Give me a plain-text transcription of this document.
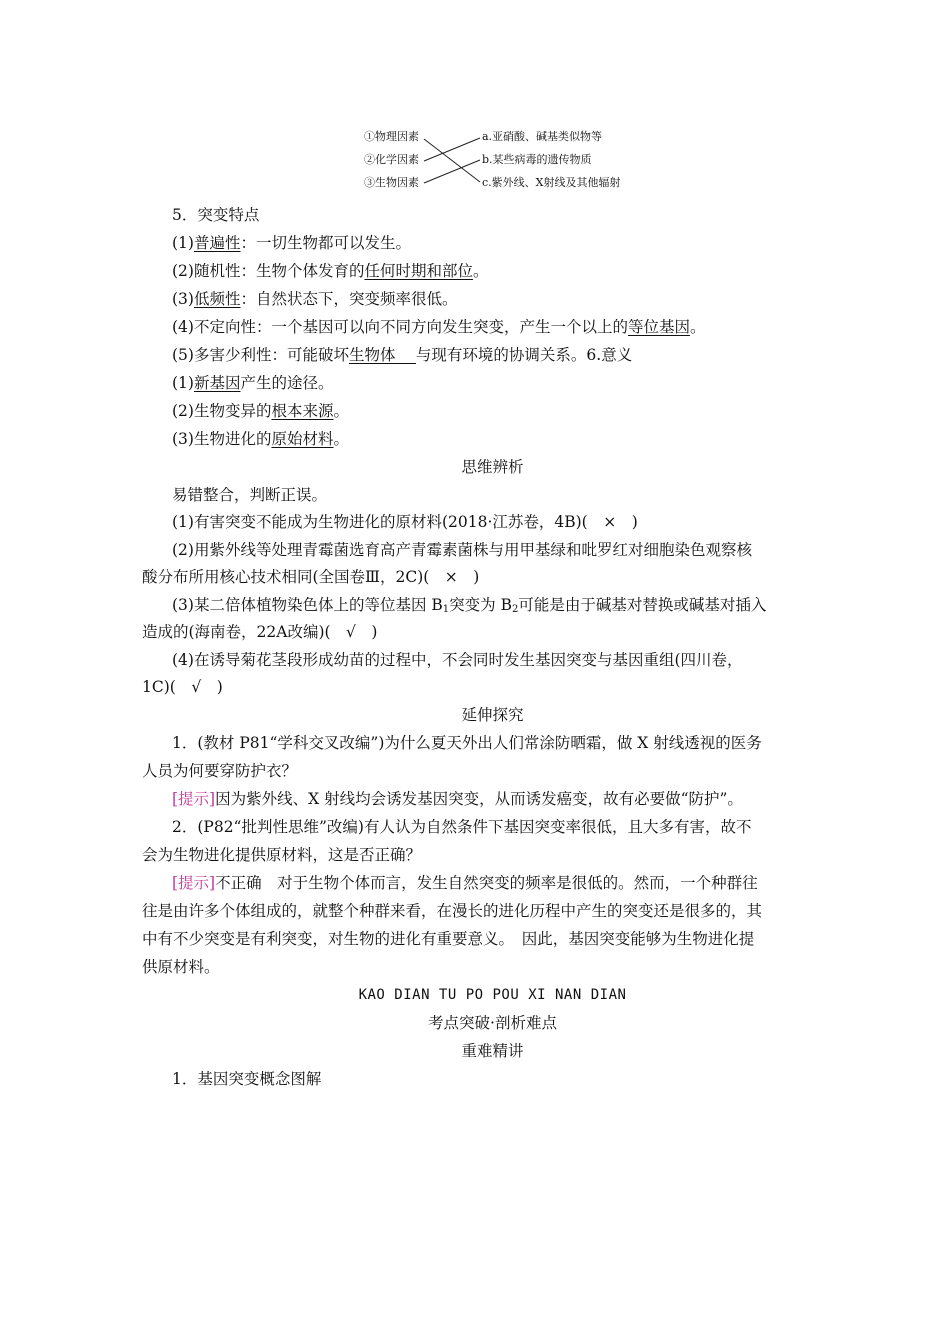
①物理因素
②化学因素
③生物因素
a.亚硝酸、碱基类似物等
b.某些病毒的遗传物质
c.紫外线、X射线及其他辐射
5．突变特点
(1)普遍性：一切生物都可以发生。
(2)随机性：生物个体发育的任何时期和部位。
(3)低频性：自然状态下，突变频率很低。
(4)不定向性：一个基因可以向不同方向发生突变，产生一个以上的等位基因。
(5)多害少利性：可能破坏生物体　 与现有环境的协调关系。6.意义
(1)新基因产生的途径。
(2)生物变异的根本来源。
(3)生物进化的原始材料。
思维辨析
易错整合，判断正误。
(1)有害突变不能成为生物进化的原材料(2018·江苏卷，4B)(　×　)
(2)用紫外线等处理青霉菌选育高产青霉素菌株与用甲基绿和吡罗红对细胞染色观察核
酸分布所用核心技术相同(全国卷Ⅲ，2C)(　×　)
(3)某二倍体植物染色体上的等位基因 $B_1$突变为 $B_2$可能是由于碱基对替换或碱基对插入
造成的(海南卷，22A改编)(　√　)
(4)在诱导菊花茎段形成幼苗的过程中，不会同时发生基因突变与基因重组(四川卷，
1C)(　√　)
延伸探究
1．(教材 P81“学科交叉改编”)为什么夏天外出人们常涂防晒霜，做 X 射线透视的医务
人员为何要穿防护衣？
[提示]因为紫外线、X 射线均会诱发基因突变，从而诱发癌变，故有必要做“防护”。
2．(P82“批判性思维”改编)有人认为自然条件下基因突变率很低，且大多有害，故不
会为生物进化提供原材料，这是否正确？
[提示]不正确　对于生物个体而言，发生自然突变的频率是很低的。然而，一个种群往
往是由许多个体组成的，就整个种群来看，在漫长的进化历程中产生的突变还是很多的，其
中有不少突变是有利突变，对生物的进化有重要意义。　因此，基因突变能够为生物进化提
供原材料。
KAO DIAN TU PO POU XI NAN DIAN
考点突破·剖析难点
重难精讲
1．基因突变概念图解
